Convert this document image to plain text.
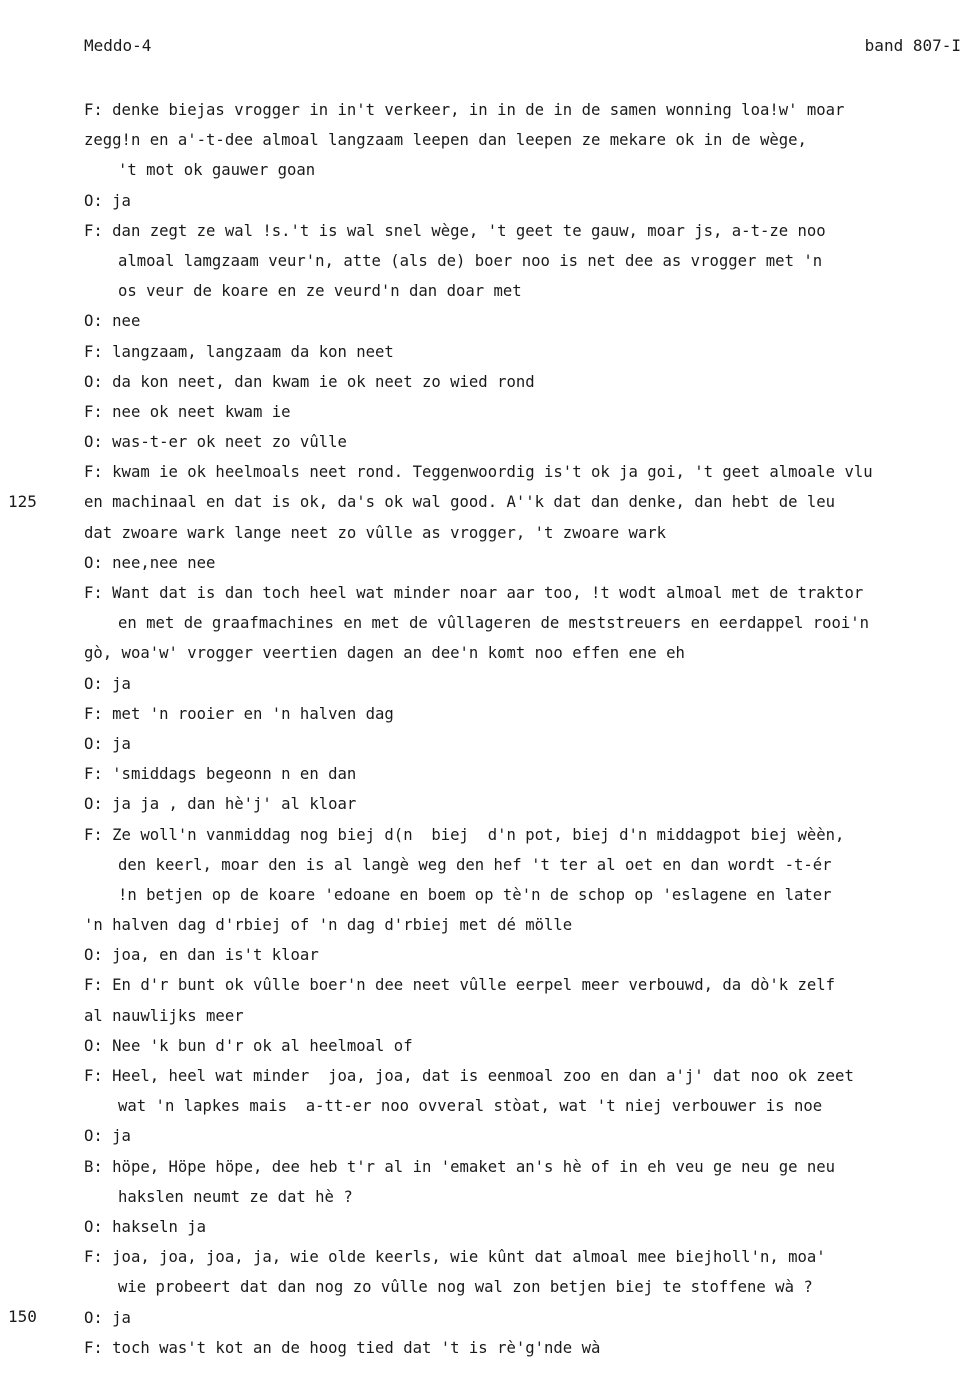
Meddo-4	band 807-I
125
150
F: denke biejas vrogger in in't verkeer, in in de in de samen wonning loa!w' moar
zegg!n en a'-t-dee almoal langzaam leepen dan leepen ze mekare ok in de wège,
't mot ok gauwer goan
O: ja
F: dan zegt ze wal !s.'t is wal snel wège, 't geet te gauw, moar js, a-t-ze noo
almoal lamgzaam veur'n, atte (als de) boer noo is net dee as vrogger met 'n
os veur de koare en ze veurd'n dan doar met
O: nee
F: langzaam, langzaam da kon neet
O: da kon neet, dan kwam ie ok neet zo wied rond
F: nee ok neet kwam ie
O: was-t-er ok neet zo vûlle
F: kwam ie ok heelmoals neet rond. Teggenwoordig is't ok ja goi, 't geet almoale vlu
en machinaal en dat is ok, da's ok wal good. A''k dat dan denke, dan hebt de leu
dat zwoare wark lange neet zo vûlle as vrogger, 't zwoare wark
O: nee,nee nee
F: Want dat is dan toch heel wat minder noar aar too, !t wodt almoal met de traktor
en met de graafmachines en met de vûllageren de meststreuers en eerdappel rooi'n
gò, woa'w' vrogger veertien dagen an dee'n komt noo effen ene eh
O: ja
F: met 'n rooier en 'n halven dag
O: ja
F: 'smiddags begeonn n en dan
O: ja ja , dan hè'j' al kloar
F: Ze woll'n vanmiddag nog biej d(n  biej  d'n pot, biej d'n middagpot biej wèèn,
den keerl, moar den is al langè weg den hef 't ter al oet en dan wordt -t-ér
!n betjen op de koare 'edoane en boem op tè'n de schop op 'eslagene en later
'n halven dag d'rbiej of 'n dag d'rbiej met dé mölle
O: joa, en dan is't kloar
F: En d'r bunt ok vûlle boer'n dee neet vûlle eerpel meer verbouwd, da dò'k zelf
al nauwlijks meer
O: Nee 'k bun d'r ok al heelmoal of
F: Heel, heel wat minder  joa, joa, dat is eenmoal zoo en dan a'j' dat noo ok zeet
wat 'n lapkes mais  a-tt-er noo ovveral stòat, wat 't niej verbouwer is noe
O: ja
B: höpe, Höpe höpe, dee heb t'r al in 'emaket an's hè of in eh veu ge neu ge neu
hakslen neumt ze dat hè ?
O: hakseln ja
F: joa, joa, joa, ja, wie olde keerls, wie kûnt dat almoal mee biejholl'n, moa'
wie probeert dat dan nog zo vûlle nog wal zon betjen biej te stoffene wà ?
O: ja
F: toch was't kot an de hoog tied dat 't is rè'g'nde wà
